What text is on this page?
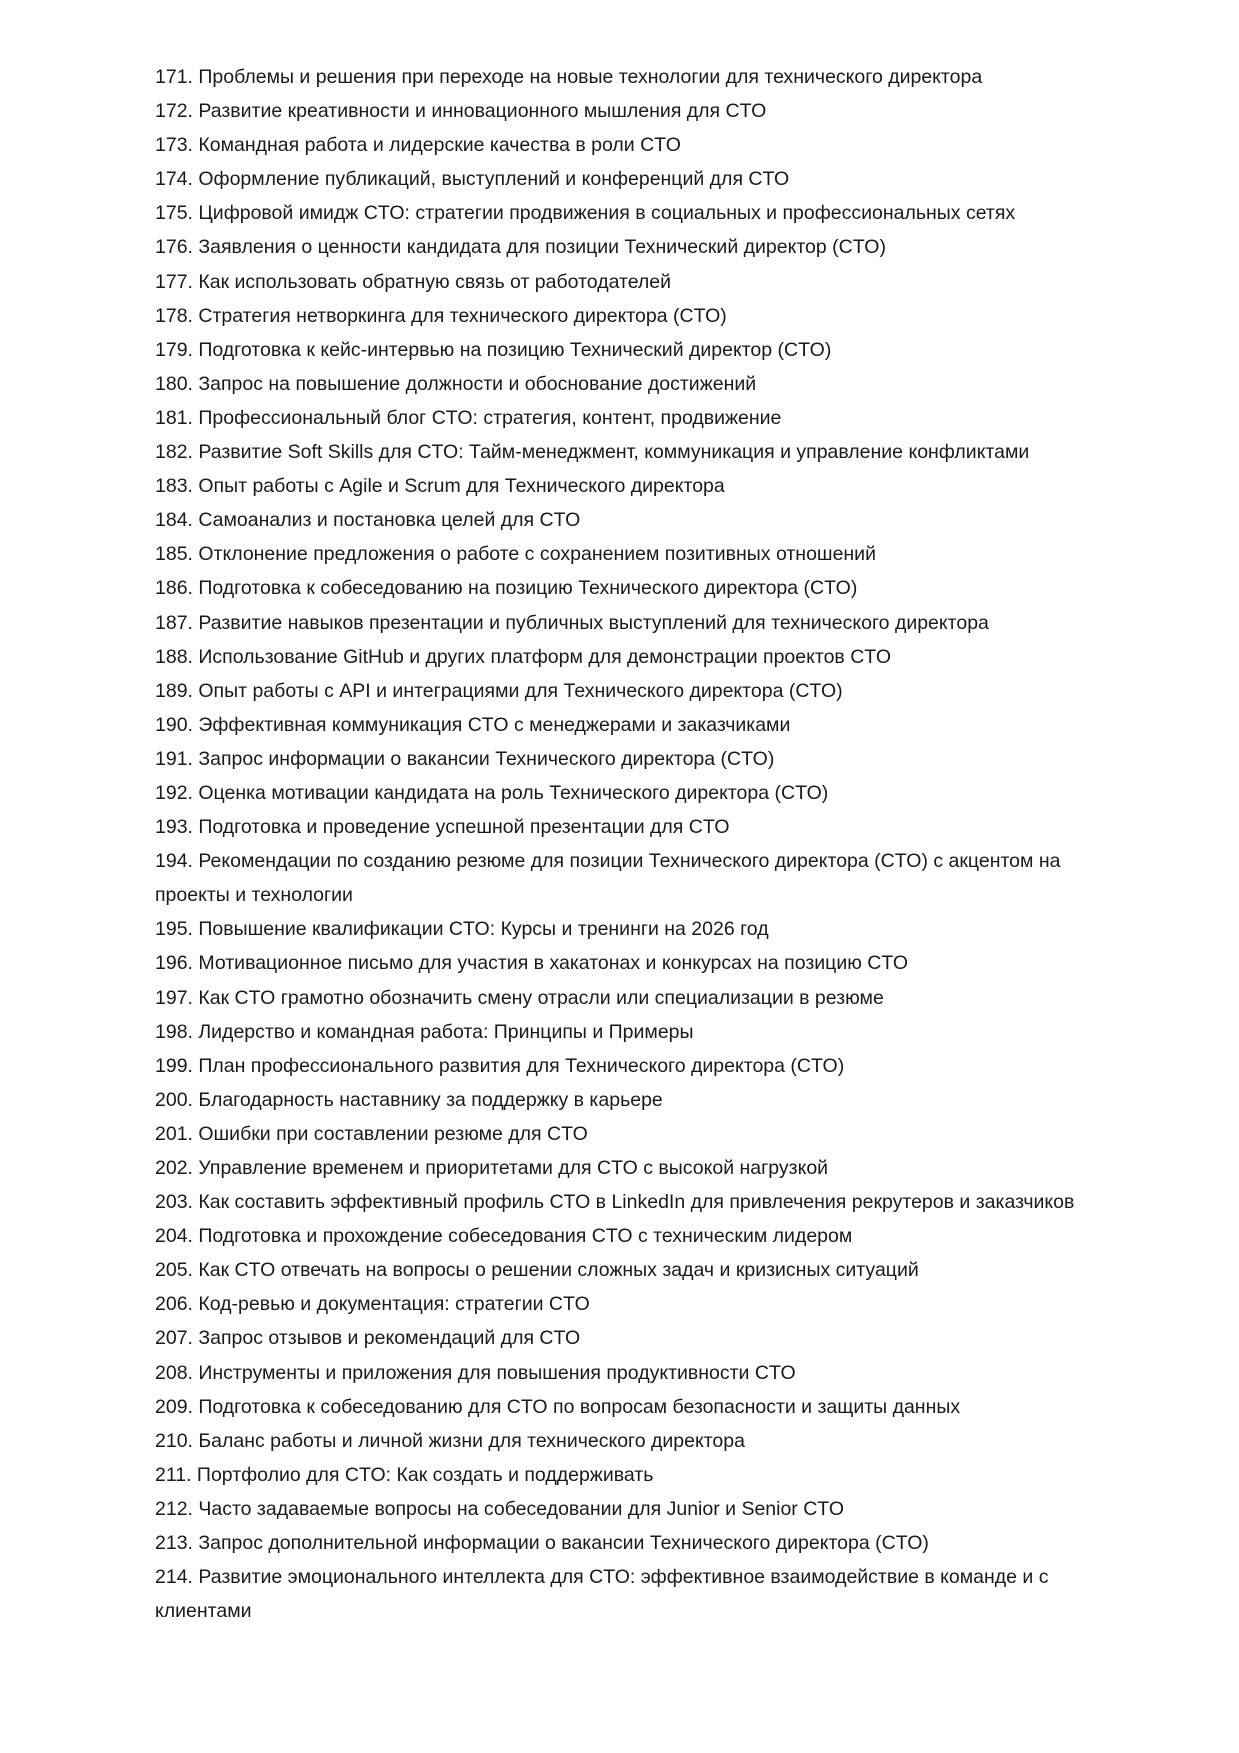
171. Проблемы и решения при переходе на новые технологии для технического директора

172. Развитие креативности и инновационного мышления для CTO

173. Командная работа и лидерские качества в роли CTO

174. Оформление публикаций, выступлений и конференций для CTO

175. Цифровой имидж CTO: стратегии продвижения в социальных и профессиональных сетях

176. Заявления о ценности кандидата для позиции Технический директор (CTO)

177. Как использовать обратную связь от работодателей

178. Стратегия нетворкинга для технического директора (CTO)

179. Подготовка к кейс-интервью на позицию Технический директор (CTO)

180. Запрос на повышение должности и обоснование достижений

181. Профессиональный блог CTO: стратегия, контент, продвижение

182. Развитие Soft Skills для CTO: Тайм-менеджмент, коммуникация и управление конфликтами

183. Опыт работы с Agile и Scrum для Технического директора

184. Самоанализ и постановка целей для CTO

185. Отклонение предложения о работе с сохранением позитивных отношений

186. Подготовка к собеседованию на позицию Технического директора (CTO)

187. Развитие навыков презентации и публичных выступлений для технического директора

188. Использование GitHub и других платформ для демонстрации проектов CTO

189. Опыт работы с API и интеграциями для Технического директора (CTO)

190. Эффективная коммуникация CTO с менеджерами и заказчиками

191. Запрос информации о вакансии Технического директора (CTO)

192. Оценка мотивации кандидата на роль Технического директора (CTO)

193. Подготовка и проведение успешной презентации для CTO

194. Рекомендации по созданию резюме для позиции Технического директора (CTO) с акцентом на проекты и технологии

195. Повышение квалификации CTO: Курсы и тренинги на 2026 год

196. Мотивационное письмо для участия в хакатонах и конкурсах на позицию CTO

197. Как CTO грамотно обозначить смену отрасли или специализации в резюме

198. Лидерство и командная работа: Принципы и Примеры

199. План профессионального развития для Технического директора (CTO)

200. Благодарность наставнику за поддержку в карьере

201. Ошибки при составлении резюме для CTO

202. Управление временем и приоритетами для CTO с высокой нагрузкой

203. Как составить эффективный профиль CTO в LinkedIn для привлечения рекрутеров и заказчиков

204. Подготовка и прохождение собеседования CTO с техническим лидером

205. Как CTO отвечать на вопросы о решении сложных задач и кризисных ситуаций

206. Код-ревью и документация: стратегии CTO

207. Запрос отзывов и рекомендаций для CTO

208. Инструменты и приложения для повышения продуктивности CTO

209. Подготовка к собеседованию для CTO по вопросам безопасности и защиты данных

210. Баланс работы и личной жизни для технического директора

211. Портфолио для CTO: Как создать и поддерживать

212. Часто задаваемые вопросы на собеседовании для Junior и Senior CTO

213. Запрос дополнительной информации о вакансии Технического директора (CTO)

214. Развитие эмоционального интеллекта для CTO: эффективное взаимодействие в команде и с клиентами
